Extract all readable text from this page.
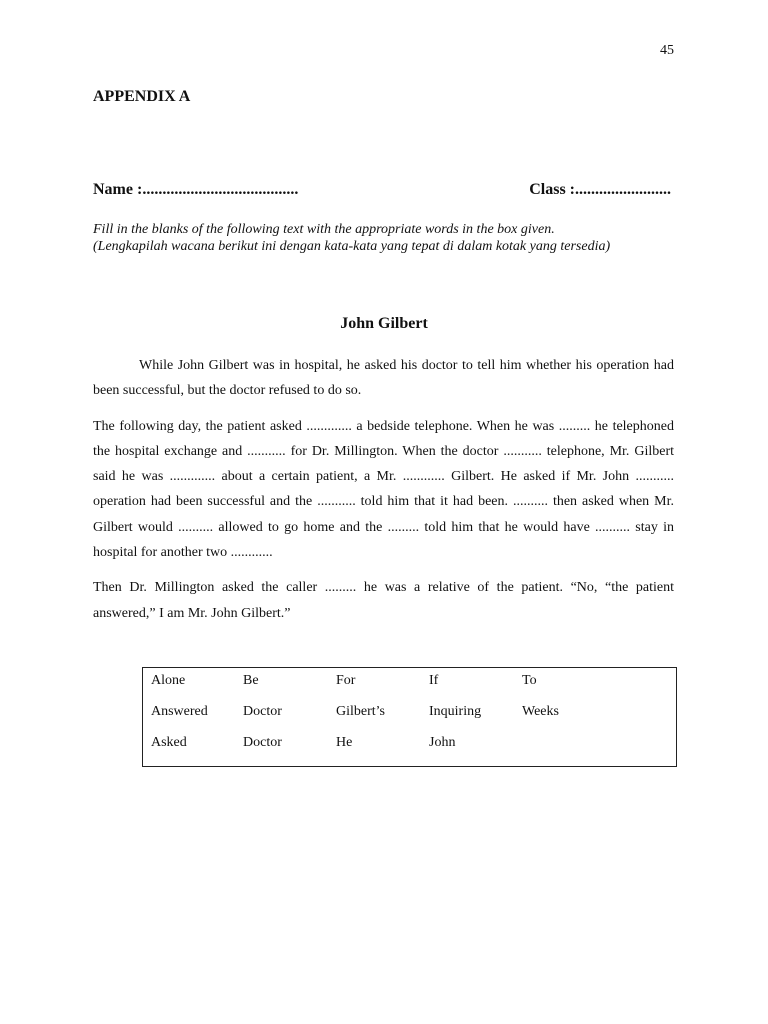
45
APPENDIX A
Name :.......................................	Class :........................
Fill in the blanks of the following text with the appropriate words in the box given.
(Lengkapilah wacana berikut ini dengan kata-kata yang tepat di dalam kotak yang tersedia)
John Gilbert

While John Gilbert was in hospital, he asked his doctor to tell him whether his operation had been successful, but the doctor refused to do so.

The following day, the patient asked ............. a bedside telephone. When he was ......... he telephoned the hospital exchange and ........... for Dr. Millington. When the doctor ........... telephone, Mr. Gilbert said he was ............. about a certain patient, a Mr. ............ Gilbert. He asked if Mr. John ........... operation had been successful and the ........... told him that it had been. .......... then asked when Mr. Gilbert would .......... allowed to go home and the ......... told him that he would have .......... stay in hospital for another two ............

Then Dr. Millington asked the caller ......... he was a relative of the patient. “No, “the patient answered,” I am Mr. John Gilbert.”

Alone	Be	For	If	To
Answered	Doctor	Gilbert’s	Inquiring	Weeks
Asked	Doctor	He	John
